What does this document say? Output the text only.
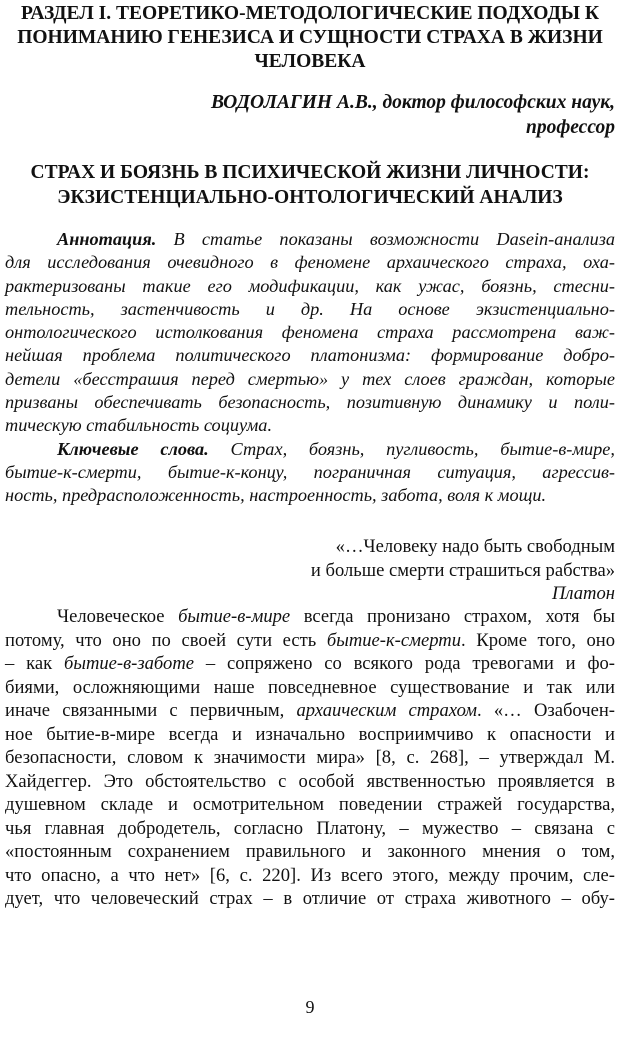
РАЗДЕЛ I. ТЕОРЕТИКО-МЕТОДОЛОГИЧЕСКИЕ ПОДХОДЫ К
ПОНИМАНИЮ ГЕНЕЗИСА И СУЩНОСТИ СТРАХА В ЖИЗНИ
ЧЕЛОВЕКА
ВОДОЛАГИН А.В., доктор философских наук,
профессор
СТРАХ И БОЯЗНЬ В ПСИХИЧЕСКОЙ ЖИЗНИ ЛИЧНОСТИ:
ЭКЗИСТЕНЦИАЛЬНО-ОНТОЛОГИЧЕСКИЙ АНАЛИЗ
Аннотация. В статье показаны возможности Dasein-анализа
для исследования очевидного в феномене архаического страха, оха-
рактеризованы такие его модификации, как ужас, боязнь, стесни-
тельность, застенчивость и др. На основе экзистенциально-
онтологического истолкования феномена страха рассмотрена важ-
нейшая проблема политического платонизма: формирование добро-
детели «бесстрашия перед смертью» у тех слоев граждан, которые
призваны обеспечивать безопасность, позитивную динамику и поли-
тическую стабильность социума.
Ключевые слова. Страх, боязнь, пугливость, бытие-в-мире,
бытие-к-смерти, бытие-к-концу, пограничная ситуация, агрессив-
ность, предрасположенность, настроенность, забота, воля к мощи.
«…Человеку надо быть свободным
и больше смерти страшиться рабства»
Платон
Человеческое бытие-в-мире всегда пронизано страхом, хотя бы
потому, что оно по своей сути есть бытие-к-смерти. Кроме того, оно
– как бытие-в-заботе – сопряжено со всякого рода тревогами и фо-
биями, осложняющими наше повседневное существование и так или
иначе связанными с первичным, архаическим страхом. «… Озабочен-
ное бытие-в-мире всегда и изначально восприимчиво к опасности и
безопасности, словом к значимости мира» [8, с. 268], – утверждал М.
Хайдеггер. Это обстоятельство с особой явственностью проявляется в
душевном складе и осмотрительном поведении стражей государства,
чья главная добродетель, согласно Платону, – мужество – связана с
«постоянным сохранением правильного и законного мнения о том,
что опасно, а что нет» [6, с. 220]. Из всего этого, между прочим, сле-
дует, что человеческий страх – в отличие от страха животного – обу-
9
